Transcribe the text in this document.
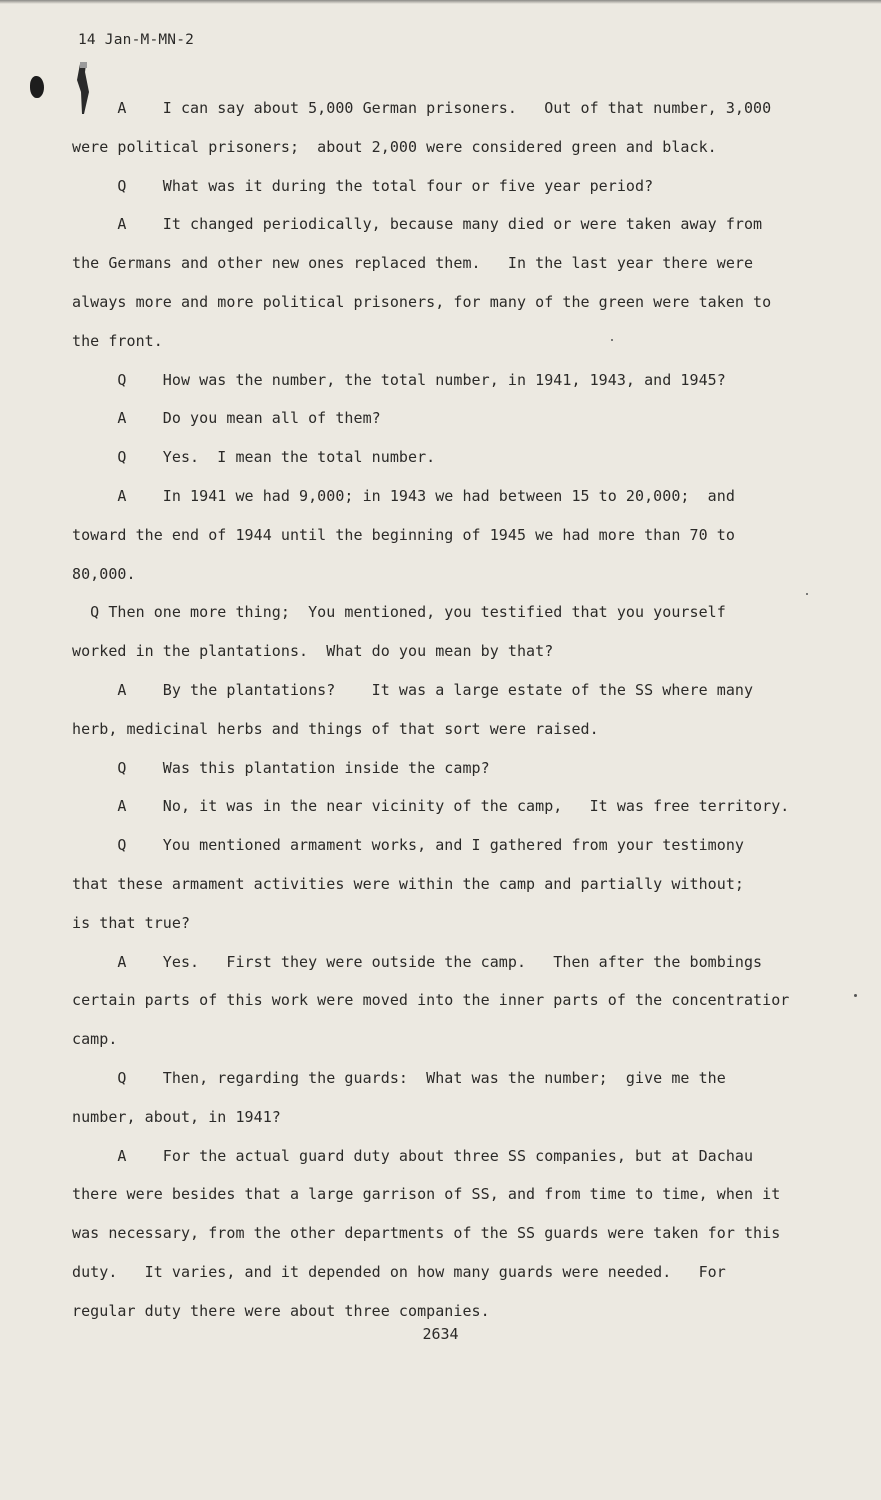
14 Jan-M-MN-2
A    I can say about 5,000 German prisoners.   Out of that number, 3,000
were political prisoners;  about 2,000 were considered green and black.
Q    What was it during the total four or five year period?
A    It changed periodically, because many died or were taken away from
the Germans and other new ones replaced them.   In the last year there were
always more and more political prisoners, for many of the green were taken to
the front.
Q    How was the number, the total number, in 1941, 1943, and 1945?
A    Do you mean all of them?
Q    Yes.  I mean the total number.
A    In 1941 we had 9,000; in 1943 we had between 15 to 20,000;  and
toward the end of 1944 until the beginning of 1945 we had more than 70 to
80,000.
Q Then one more thing;  You mentioned, you testified that you yourself
worked in the plantations.  What do you mean by that?
A    By the plantations?    It was a large estate of the SS where many
herb, medicinal herbs and things of that sort were raised.
Q    Was this plantation inside the camp?
A    No, it was in the near vicinity of the camp,   It was free territory.
Q    You mentioned armament works, and I gathered from your testimony
that these armament activities were within the camp and partially without;
is that true?
A    Yes.   First they were outside the camp.   Then after the bombings
certain parts of this work were moved into the inner parts of the concentratior
camp.
Q    Then, regarding the guards:  What was the number;  give me the
number, about, in 1941?
A    For the actual guard duty about three SS companies, but at Dachau
there were besides that a large garrison of SS, and from time to time, when it
was necessary, from the other departments of the SS guards were taken for this
duty.   It varies, and it depended on how many guards were needed.   For
regular duty there were about three companies.
2634
